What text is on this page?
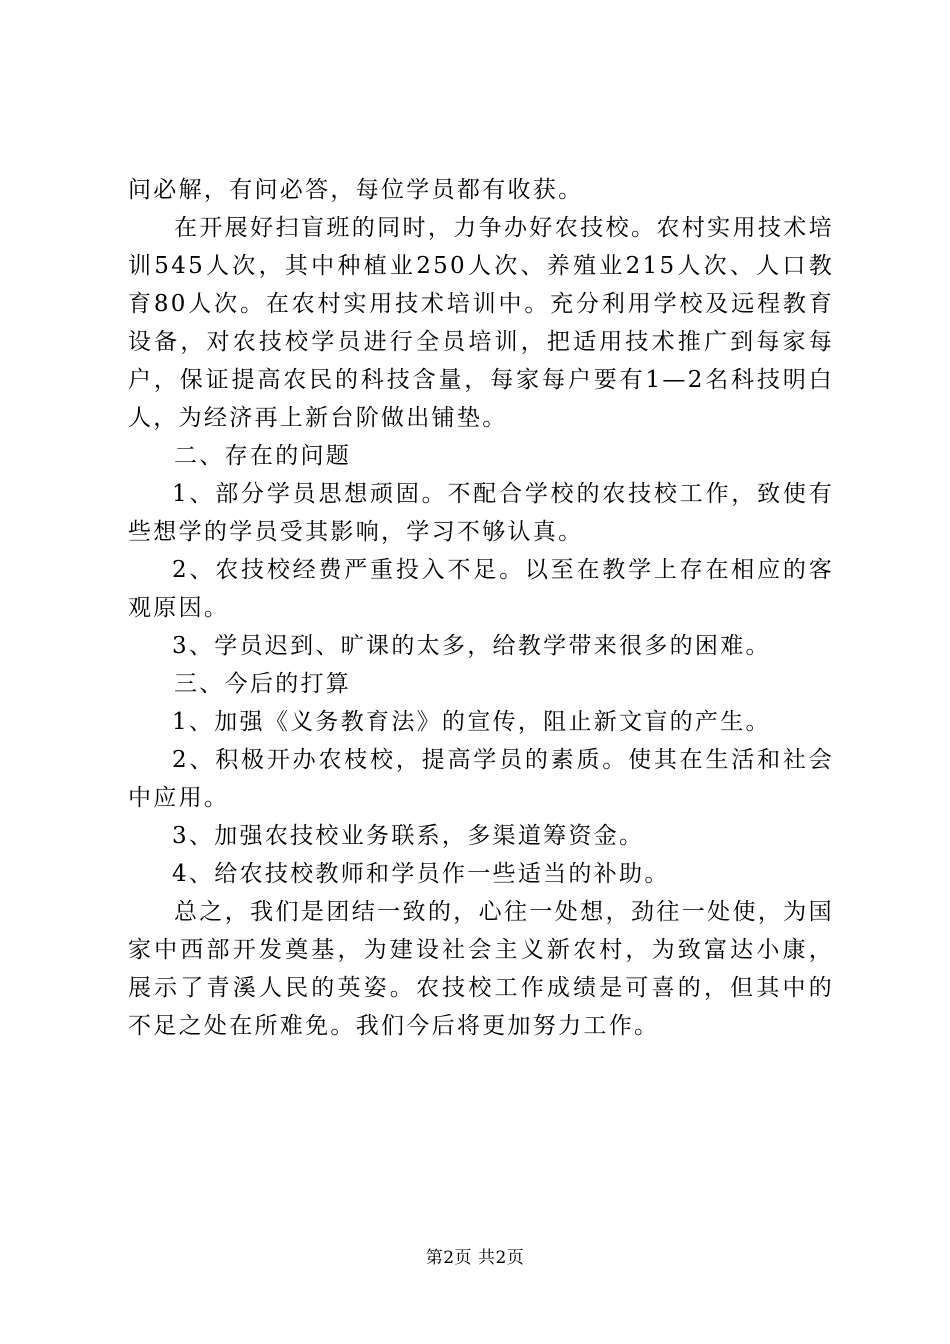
问必解，有问必答，每位学员都有收获。

在开展好扫盲班的同时，力争办好农技校。农村实用技术培训545人次，其中种植业250人次、养殖业215人次、人口教育80人次。在农村实用技术培训中。充分利用学校及远程教育设备，对农技校学员进行全员培训，把适用技术推广到每家每户，保证提高农民的科技含量，每家每户要有1—2名科技明白人，为经济再上新台阶做出铺垫。

二、存在的问题

1、部分学员思想顽固。不配合学校的农技校工作，致使有些想学的学员受其影响，学习不够认真。

2、农技校经费严重投入不足。以至在教学上存在相应的客观原因。

3、学员迟到、旷课的太多，给教学带来很多的困难。

三、今后的打算

1、加强《义务教育法》的宣传，阻止新文盲的产生。

2、积极开办农枝校，提高学员的素质。使其在生活和社会中应用。

3、加强农技校业务联系，多渠道筹资金。

4、给农技校教师和学员作一些适当的补助。

总之，我们是团结一致的，心往一处想，劲往一处使，为国家中西部开发奠基，为建设社会主义新农村，为致富达小康，展示了青溪人民的英姿。农技校工作成绩是可喜的，但其中的不足之处在所难免。我们今后将更加努力工作。

第2页 共2页
